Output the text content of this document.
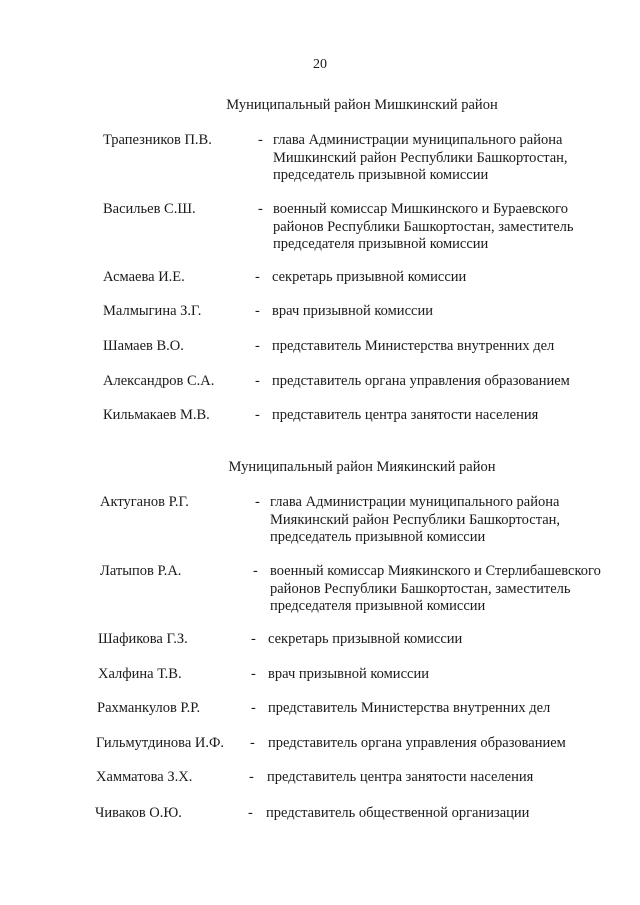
20
Муниципальный район Мишкинский район
Трапезников П.В.	- глава Администрации муниципального района
Мишкинский район Республики Башкортостан,
председатель призывной комиссии
Васильев С.Ш.	- военный комиссар Мишкинского и Бураевского
районов Республики Башкортостан, заместитель
председателя призывной комиссии
Асмаева И.Е.	- секретарь призывной комиссии
Малмыгина З.Г.	- врач призывной комиссии
Шамаев В.О.	- представитель Министерства внутренних дел
Александров С.А.	- представитель органа управления образованием
Кильмакаев М.В.	- представитель центра занятости населения
Муниципальный район Миякинский район
Актуганов Р.Г.	- глава Администрации муниципального района
Миякинский район Республики Башкортостан,
председатель призывной комиссии
Латыпов Р.А.	- военный комиссар Миякинского и Стерлибашевского
районов Республики Башкортостан, заместитель
председателя призывной комиссии
Шафикова Г.З.	- секретарь призывной комиссии
Халфина Т.В.	- врач призывной комиссии
Рахманкулов Р.Р.	- представитель Министерства внутренних дел
Гильмутдинова И.Ф. - представитель органа управления образованием
Хамматова З.Х.	- представитель центра занятости населения
Чиваков О.Ю.	- представитель общественной организации
